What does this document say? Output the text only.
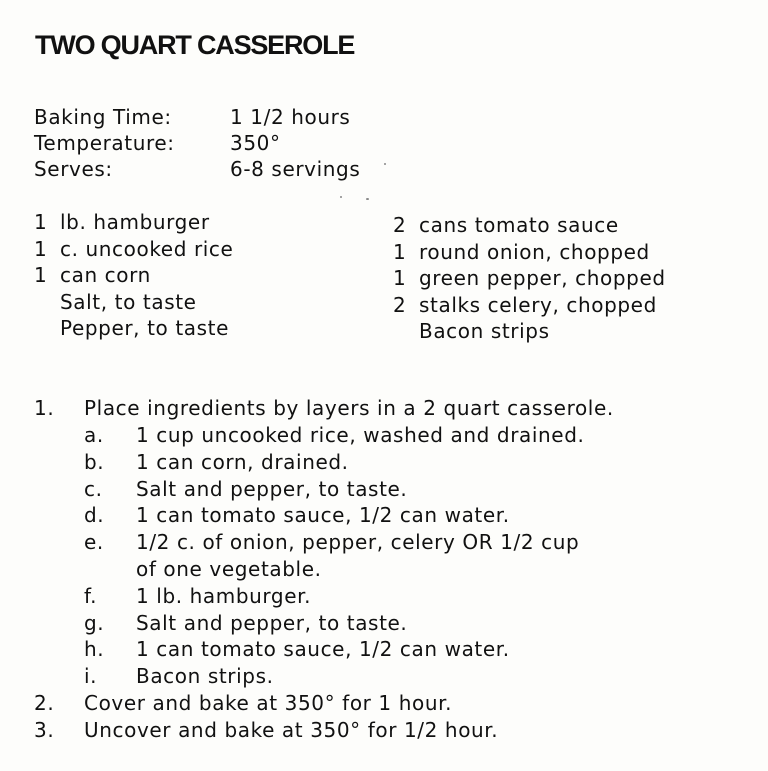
TWO QUART CASSEROLE
Baking Time:	1 1/2 hours
Temperature:	350°
Serves:	6-8 servings
1 lb. hamburger
1 c. uncooked rice
1 can corn
Salt, to taste
Pepper, to taste
2 cans tomato sauce
1 round onion, chopped
1 green pepper, chopped
2 stalks celery, chopped
Bacon strips
1. Place ingredients by layers in a 2 quart casserole.
a. 1 cup uncooked rice, washed and drained.
b. 1 can corn, drained.
c. Salt and pepper, to taste.
d. 1 can tomato sauce, 1/2 can water.
e. 1/2 c. of onion, pepper, celery OR 1/2 cup
of one vegetable.
f. 1 lb. hamburger.
g. Salt and pepper, to taste.
h. 1 can tomato sauce, 1/2 can water.
i. Bacon strips.
2. Cover and bake at 350° for 1 hour.
3. Uncover and bake at 350° for 1/2 hour.
